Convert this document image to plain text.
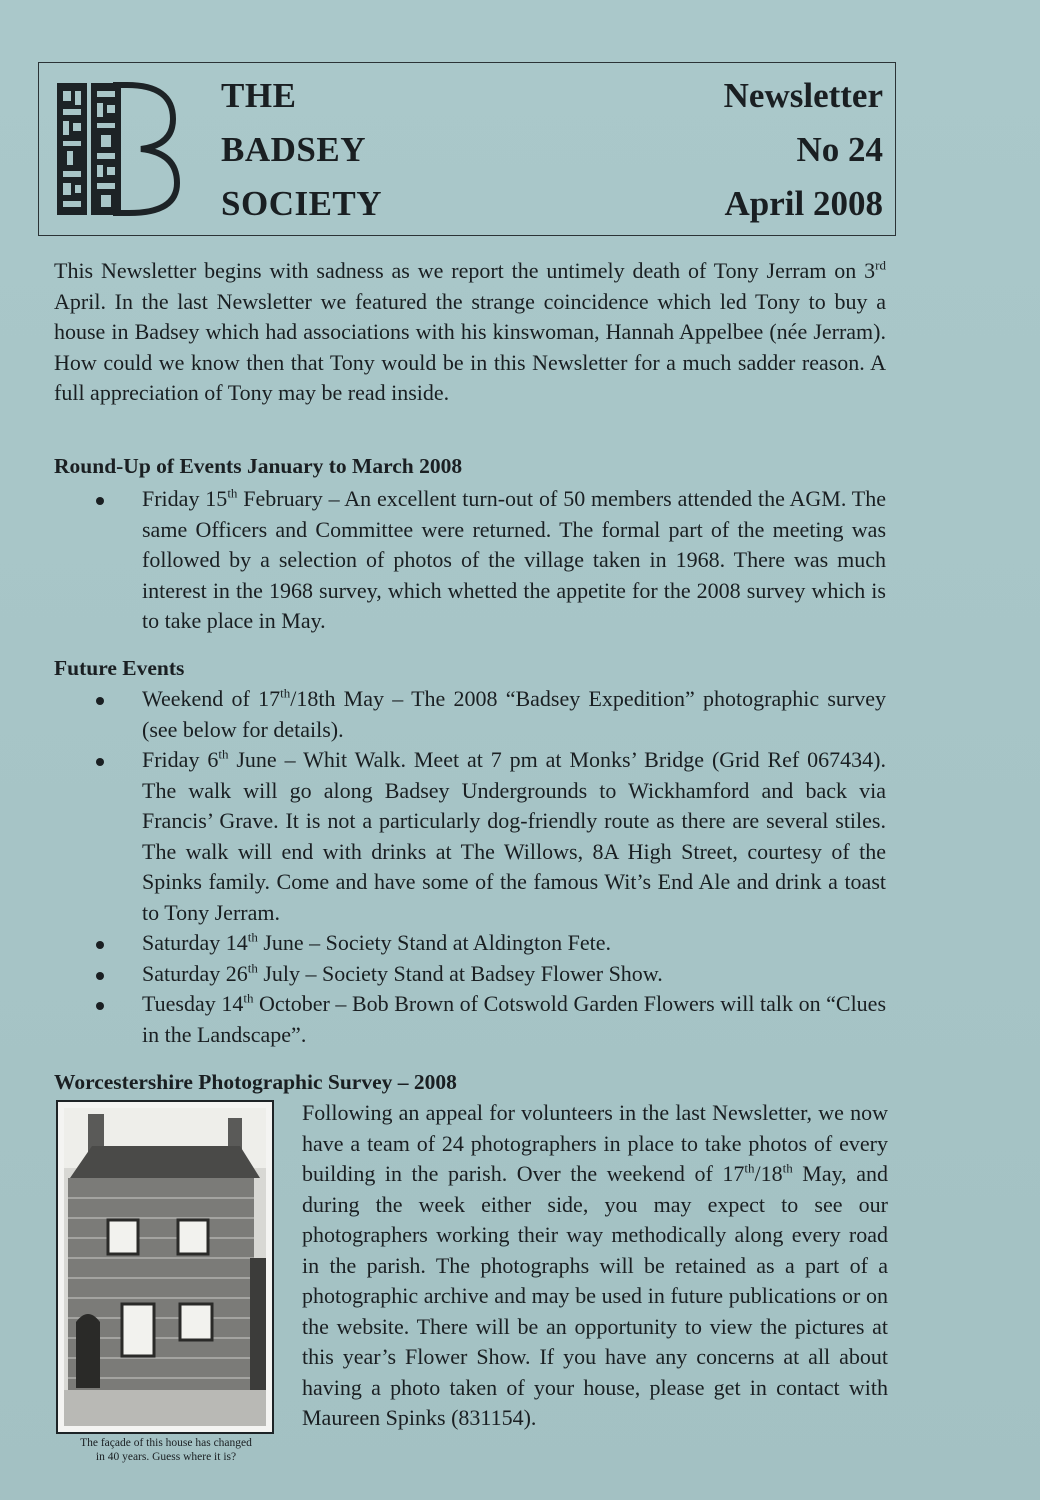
THE
BADSEY
SOCIETY
Newsletter
No 24
April 2008
This Newsletter begins with sadness as we report the untimely death of Tony Jerram on 3rd April. In the last Newsletter we featured the strange coincidence which led Tony to buy a house in Badsey which had associations with his kinswoman, Hannah Appelbee (née Jerram). How could we know then that Tony would be in this Newsletter for a much sadder reason. A full appreciation of Tony may be read inside.
Round-Up of Events January to March 2008
Friday 15th February – An excellent turn-out of 50 members attended the AGM. The same Officers and Committee were returned. The formal part of the meeting was followed by a selection of photos of the village taken in 1968. There was much interest in the 1968 survey, which whetted the appetite for the 2008 survey which is to take place in May.
Future Events
Weekend of 17th/18th May – The 2008 “Badsey Expedition” photographic survey (see below for details).
Friday 6th June – Whit Walk. Meet at 7 pm at Monks’ Bridge (Grid Ref 067434). The walk will go along Badsey Undergrounds to Wickhamford and back via Francis’ Grave. It is not a particularly dog-friendly route as there are several stiles. The walk will end with drinks at The Willows, 8A High Street, courtesy of the Spinks family. Come and have some of the famous Wit’s End Ale and drink a toast to Tony Jerram.
Saturday 14th June – Society Stand at Aldington Fete.
Saturday 26th July – Society Stand at Badsey Flower Show.
Tuesday 14th October – Bob Brown of Cotswold Garden Flowers will talk on “Clues in the Landscape”.
Worcestershire Photographic Survey – 2008
The façade of this house has changed
in 40 years. Guess where it is?
Following an appeal for volunteers in the last Newsletter, we now have a team of 24 photographers in place to take photos of every building in the parish. Over the weekend of 17th/18th May, and during the week either side, you may expect to see our photographers working their way methodically along every road in the parish. The photographs will be retained as a part of a photographic archive and may be used in future publications or on the website. There will be an opportunity to view the pictures at this year’s Flower Show. If you have any concerns at all about having a photo taken of your house, please get in contact with Maureen Spinks (831154).
